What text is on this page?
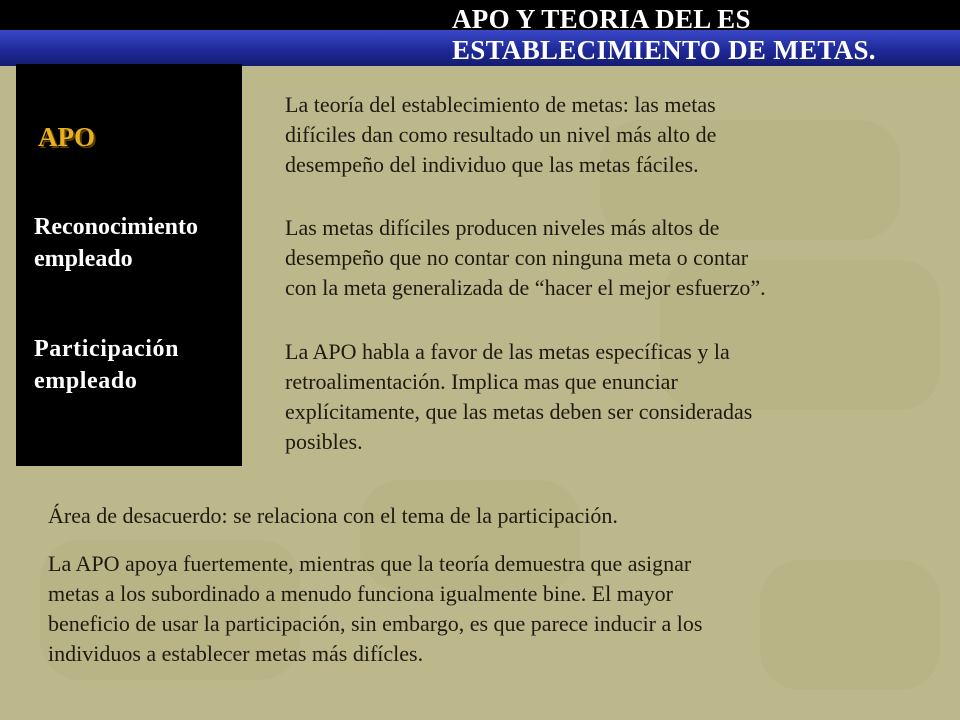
APO Y TEORIA DEL ES
ESTABLECIMIENTO DE METAS.
APO
Reconocimiento
empleado
Participación
empleado

La teoría del establecimiento de metas: las metas
difíciles dan como resultado un nivel más alto de
desempeño del individuo que las metas fáciles.

Las metas difíciles producen niveles más altos de
desempeño que no contar con ninguna meta o contar
con la meta generalizada de “hacer el mejor esfuerzo”.

La APO habla a favor de las metas específicas y la
retroalimentación. Implica mas que enunciar
explícitamente, que las metas deben ser consideradas
posibles.

Área de desacuerdo: se relaciona con el tema de la participación.

La APO apoya fuertemente, mientras que la teoría demuestra que asignar
metas a los subordinado a menudo funciona igualmente bine. El mayor
beneficio de usar la participación, sin embargo, es que parece inducir a los
individuos a establecer metas más difícles.
